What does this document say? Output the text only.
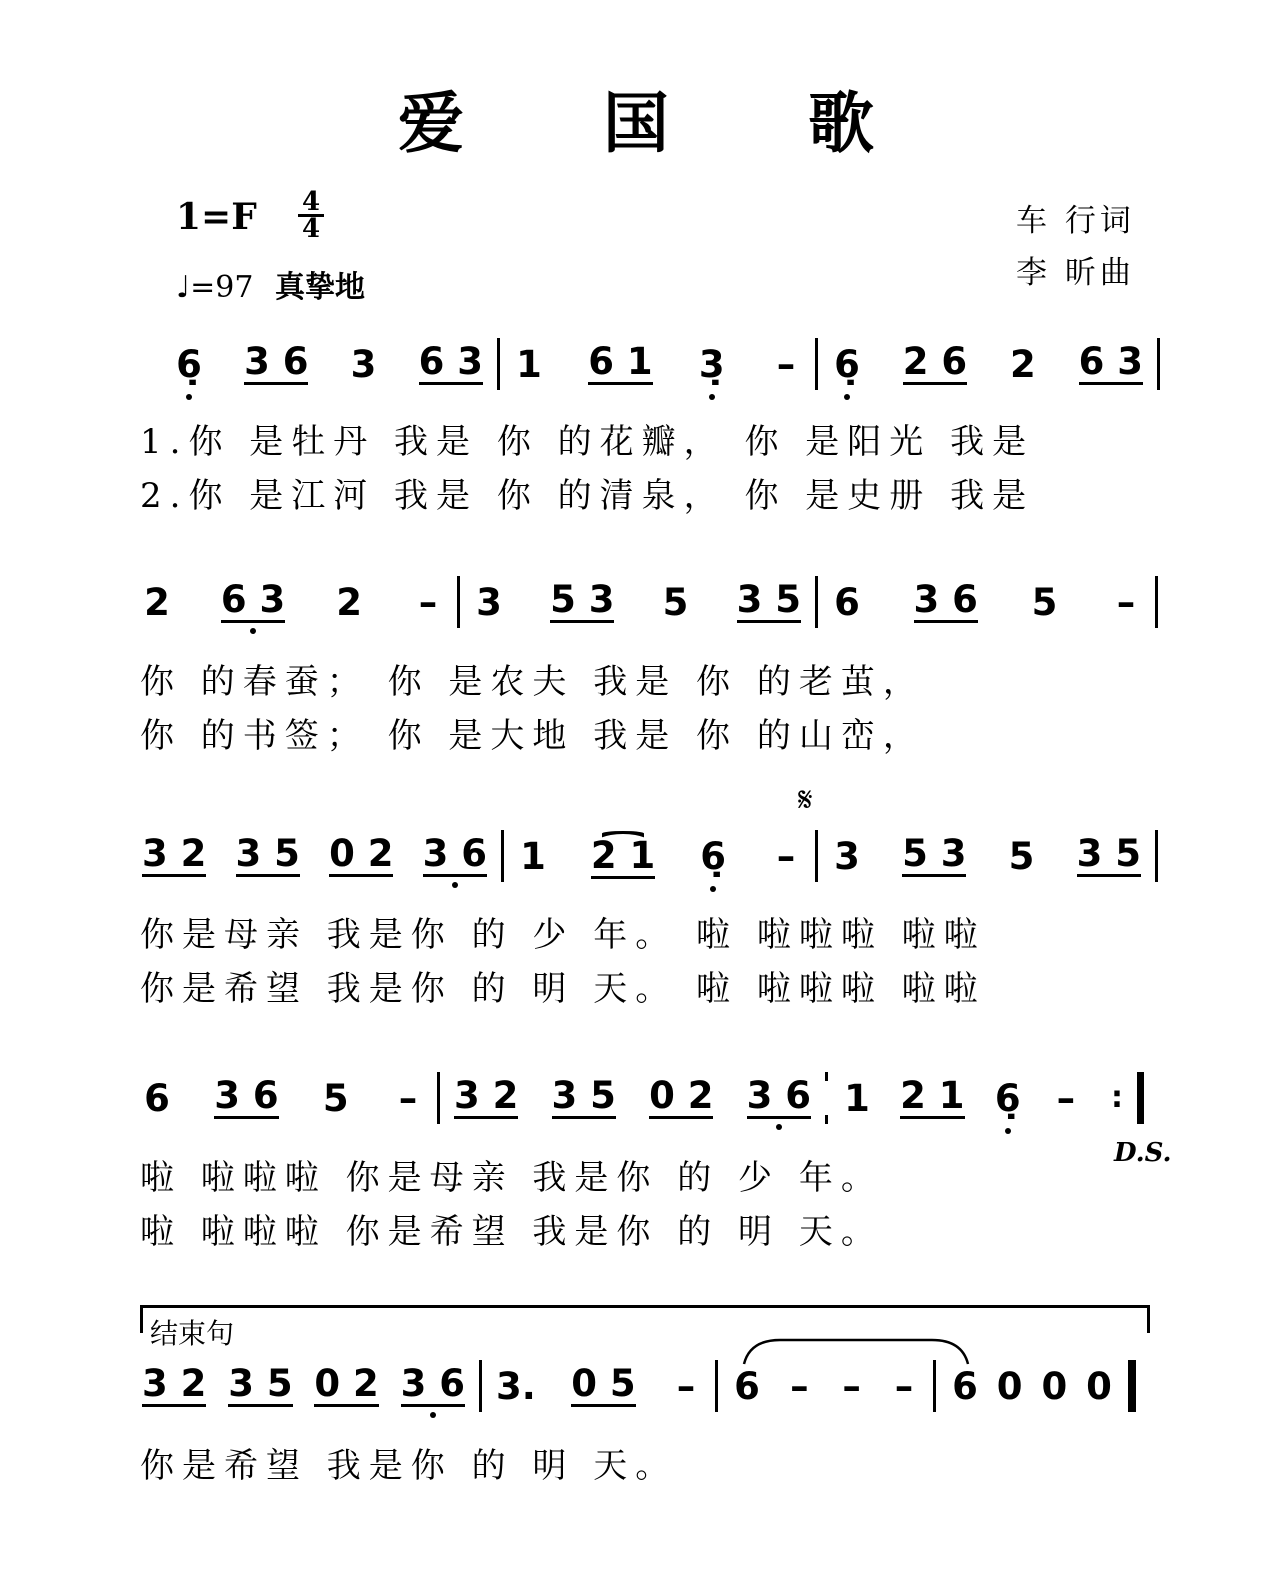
爱 国 歌
1=F 4
4
♩=97 真挚地
车 行词
李 昕曲
6̣ 3 6 3 6 3 1 6 1 3̣ – 6̣ 2 6 2 6 3
1.你 是牡丹 我是 你 的花瓣， 你 是阳光 我是
2.你 是江河 我是 你 的清泉， 你 是史册 我是
2 6 3 2 – 3 5 3 5 3 5 6 3 6 5 –
你 的春蚕； 你 是农夫 我是 你 的老茧，
你 的书签； 你 是大地 我是 你 的山峦，
𝄋
3 2 3 5 0 2 3 6 1 2 1 6̣ – 3 5 3 5 3 5
你是母亲 我是你 的 少 年。 啦 啦啦啦 啦啦
你是希望 我是你 的 明 天。 啦 啦啦啦 啦啦
6 3 6 5 – 3 2 3 5 0 2 3 6 1 2 1 6̣ – :
D.S.
啦 啦啦啦 你是母亲 我是你 的 少 年。
啦 啦啦啦 你是希望 我是你 的 明 天。
结束句
3 2 3 5 0 2 3 6 3. 0 5 – 6 – – – 6 0 0 0
你是希望 我是你 的 明 天。
